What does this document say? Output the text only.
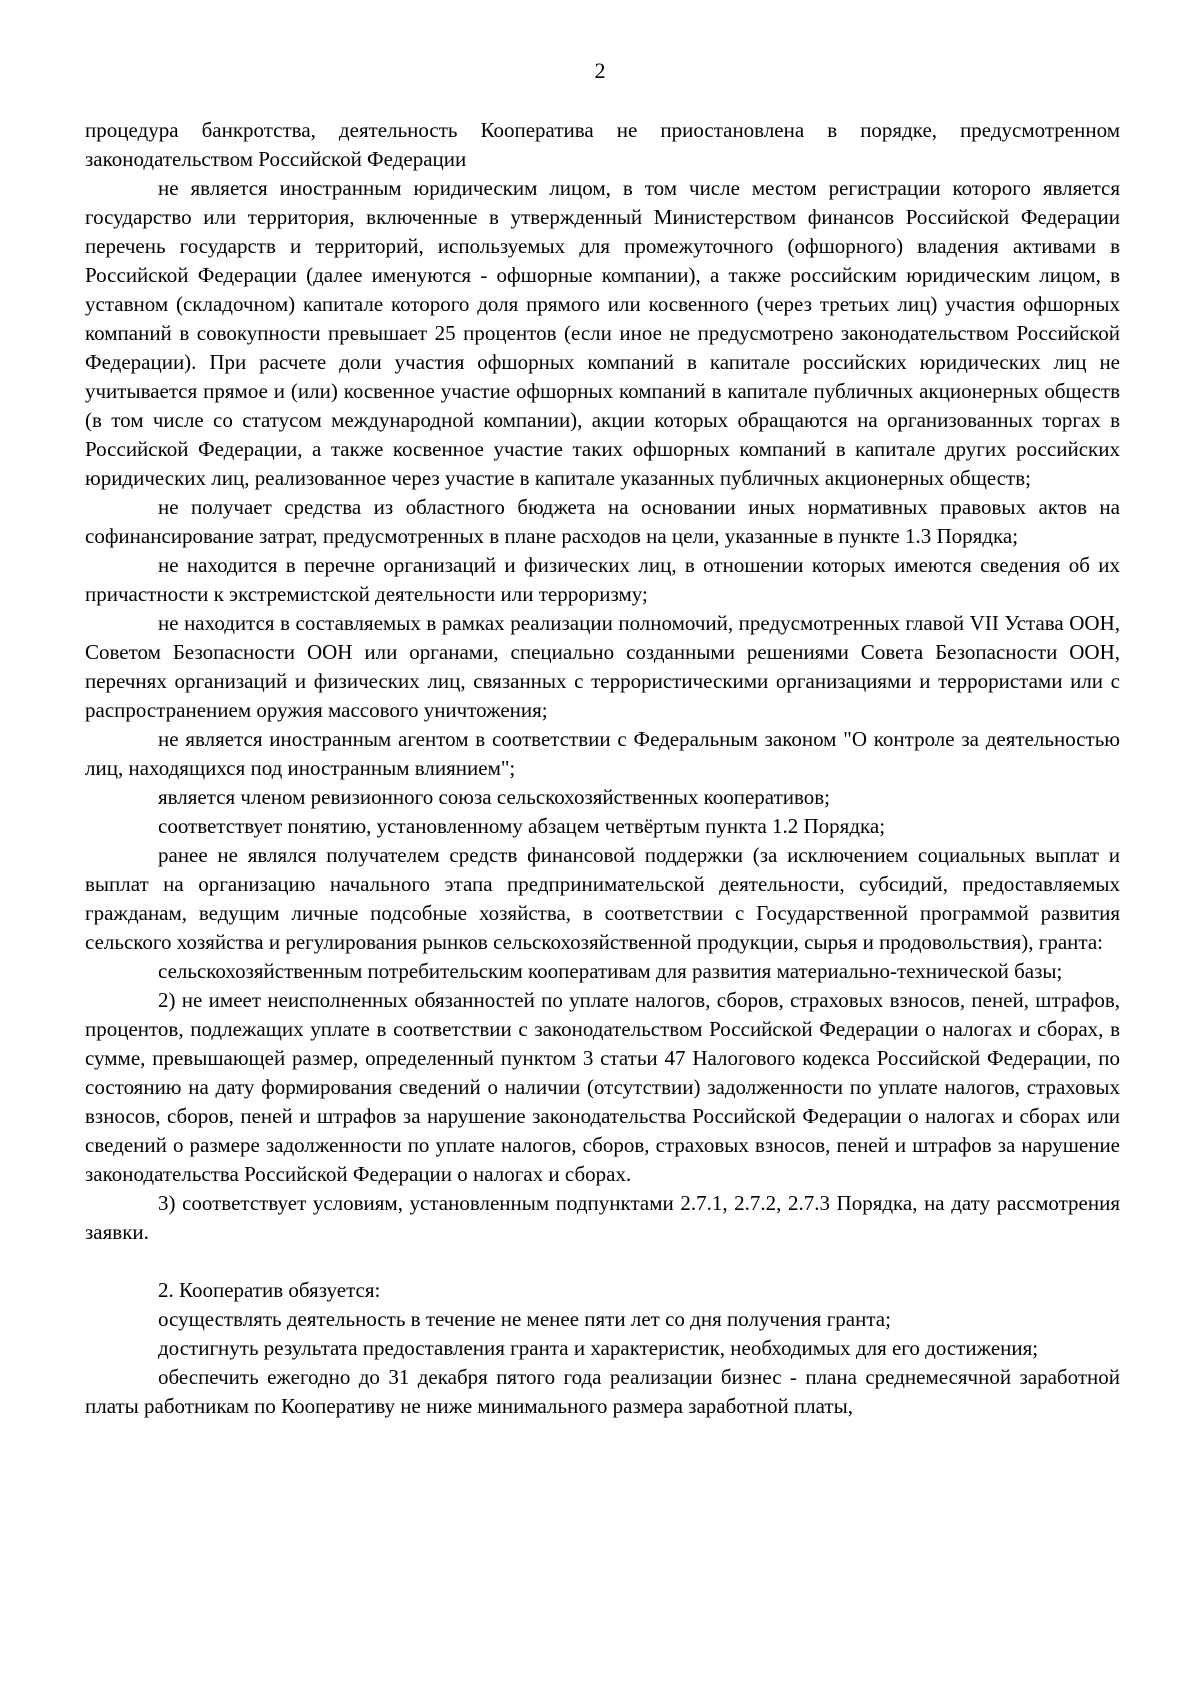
2

процедура банкротства, деятельность Кооператива не приостановлена в порядке, предусмотренном законодательством Российской Федерации

не является иностранным юридическим лицом, в том числе местом регистрации которого является государство или территория, включенные в утвержденный Министерством финансов Российской Федерации перечень государств и территорий, используемых для промежуточного (офшорного) владения активами в Российской Федерации (далее именуются - офшорные компании), а также российским юридическим лицом, в уставном (складочном) капитале которого доля прямого или косвенного (через третьих лиц) участия офшорных компаний в совокупности превышает 25 процентов (если иное не предусмотрено законодательством Российской Федерации). При расчете доли участия офшорных компаний в капитале российских юридических лиц не учитывается прямое и (или) косвенное участие офшорных компаний в капитале публичных акционерных обществ (в том числе со статусом международной компании), акции которых обращаются на организованных торгах в Российской Федерации, а также косвенное участие таких офшорных компаний в капитале других российских юридических лиц, реализованное через участие в капитале указанных публичных акционерных обществ;

не получает средства из областного бюджета на основании иных нормативных правовых актов на софинансирование затрат, предусмотренных в плане расходов на цели, указанные в пункте 1.3 Порядка;

не находится в перечне организаций и физических лиц, в отношении которых имеются сведения об их причастности к экстремистской деятельности или терроризму;

не находится в составляемых в рамках реализации полномочий, предусмотренных главой VII Устава ООН, Советом Безопасности ООН или органами, специально созданными решениями Совета Безопасности ООН, перечнях организаций и физических лиц, связанных с террористическими организациями и террористами или с распространением оружия массового уничтожения;

не является иностранным агентом в соответствии с Федеральным законом "О контроле за деятельностью лиц, находящихся под иностранным влиянием";

является членом ревизионного союза сельскохозяйственных кооперативов;

соответствует понятию, установленному абзацем четвёртым пункта 1.2 Порядка;

ранее не являлся получателем средств финансовой поддержки (за исключением социальных выплат и выплат на организацию начального этапа предпринимательской деятельности, субсидий, предоставляемых гражданам, ведущим личные подсобные хозяйства, в соответствии с Государственной программой развития сельского хозяйства и регулирования рынков сельскохозяйственной продукции, сырья и продовольствия), гранта:

сельскохозяйственным потребительским кооперативам для развития материально-технической базы;

2) не имеет неисполненных обязанностей по уплате налогов, сборов, страховых взносов, пеней, штрафов, процентов, подлежащих уплате в соответствии с законодательством Российской Федерации о налогах и сборах, в сумме, превышающей размер, определенный пунктом 3 статьи 47 Налогового кодекса Российской Федерации, по состоянию на дату формирования сведений о наличии (отсутствии) задолженности по уплате налогов, страховых взносов, сборов, пеней и штрафов за нарушение законодательства Российской Федерации о налогах и сборах или сведений о размере задолженности по уплате налогов, сборов, страховых взносов, пеней и штрафов за нарушение законодательства Российской Федерации о налогах и сборах.

3) соответствует условиям, установленным подпунктами 2.7.1, 2.7.2, 2.7.3 Порядка, на дату рассмотрения заявки.

2. Кооператив обязуется:

осуществлять деятельность в течение не менее пяти лет со дня получения гранта;

достигнуть результата предоставления гранта и характеристик, необходимых для его достижения;

обеспечить ежегодно до 31 декабря пятого года реализации бизнес - плана среднемесячной заработной платы работникам по Кооперативу не ниже минимального размера заработной платы,
